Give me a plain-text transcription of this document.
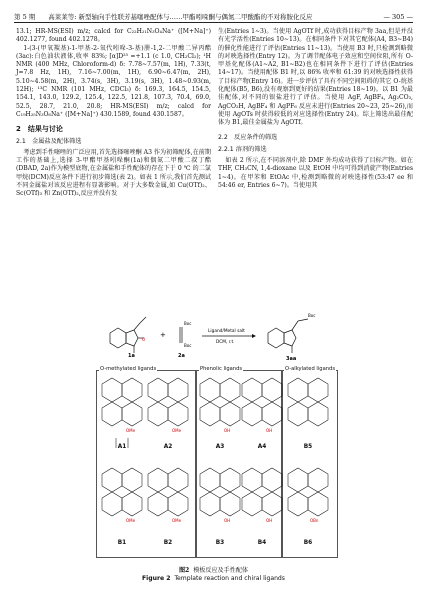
第 5 期　　高莱莱等: 新型轴向手性联芳基噻唑配体与……甲酯吲哚酮与偶氮二甲酸酯的不对称胺化反应	— 305 —

13.1; HR-MS(ESI) m/z; calcd for C₂₂H₂₁N₃O₄Na⁺ ([M+Na]⁺) 402.1277, found 402.1278。

1-(3-(甲氧羰基)-1-甲基-2-氧代吲哚-3-基)肼-1,2-二甲酸二异丙酯(3ac):白色油状液体,收率 83%; [α]D²⁵ =+1.1 (c 1.0, CH₂Cl₂); ¹H NMR (400 MHz, Chloroform-d) δ: 7.78~7.57(m, 1H), 7.33(t, J=7.8 Hz, 1H), 7.16~7.00(m, 1H), 6.90~6.47(m, 2H), 5.10~4.58(m, 2H), 3.74(s, 3H), 3.19(s, 3H), 1.48~0.93(m, 12H); ¹³C NMR (101 MHz, CDCl₃) δ: 169.3, 164.5, 154.5, 154.1, 143.0, 129.2, 125.4, 122.5, 121.8, 107.3, 70.4, 69.0, 52.5, 28.7, 21.0, 20.8; HR-MS(ESI) m/z; calcd for C₁₉H₂₅N₃O₆Na⁺ ([M+Na]⁺) 430.1589, found 430.1587。

2　结果与讨论
2.1　金属盐及配体筛选

考虑到手性噻唑的广泛应用,首先选择噻唑酮 A3 作为初筛配体,在前期工作的基础上,选择 3-甲酯甲基吲哚酮(1a)和偶氮二甲酸二叔丁酯(DBAD, 2a)作为模型底物,在金属盐和手性配体的存在下于 0 ℃ 的二氯甲烷(DCM)反应条件下进行初步筛选(表 2)。如表 1 所示,我们首先测试不同金属盐对该反应进程有显著影响。对于大多数金属,如 Cu(OTf)₂、Sc(OTf)₃ 和 Zn(OTf)₂,反应并没有发

生(Entries 1~3)。当使用 AgOTf 时,成功获得目标产物 3aa,但是并没有光学活性(Entries 10~13)。在相同条件下对其它配体(A4, B3~B4)的催化性能进行了评估(Entries 11~13)。当使用 B3 时,只检测到略微的对映选择性(Entry 12)。为了调节配体电子效应和空间位阻,所有 O-甲基化配体(A1~A2, B1~B2)也在相同条件下进行了评估(Entries 14~17)。当使用配体 B1 时,以 86% 收率和 61:39 的对映选择性获得了目标产物(Entry 16)。进一步评估了具有不同空间阻碍的其它 O-烷基化配体(B5, B6),没有观察到更好的结果(Entries 18~19)。以 B1 为最佳配体,对不同的银盐进行了评估。当使用 AgF, AgBF₄, Ag₂CO₃, AgCO₂H, AgBF₄ 和 AgPF₆ 反应未进行(Entries 20~23, 25~26),而使用 AgOTs 时获得较低的对应选择性(Entry 24)。综上筛选出最佳配体为 B1,最佳金属盐为 AgOTf。

2.2　反应条件的筛选
2.2.1 溶剂的筛选

如表 2 所示,在不同溶剂中,除 DMF 外均成功获得了目标产物。如在 THF, CH₃CN, 1,4-dioxane 以及 EtOH 中均可得到消旋产物(Entries 1~4)。在甲苯和 EtOAc 中,检测到略微的对映选择性(53:47 ee 和 54:46 er, Entries 6~7)。当使用其

O
1a
+
Boc
Boc
2a
Ligand/Metal salt
DCM, r.t.
Boc
3aa
O-methylated ligands	Phenolic ligands	O-alkylated ligands
OMe	OMe	OH	OH
OMe	OMe	OH	OH	OBn
A1	A2	A3	A4	B5
B1	B2	B3	B4	B6
图2 模板反应及手性配体
Figure 2 Template reaction and chiral ligands
